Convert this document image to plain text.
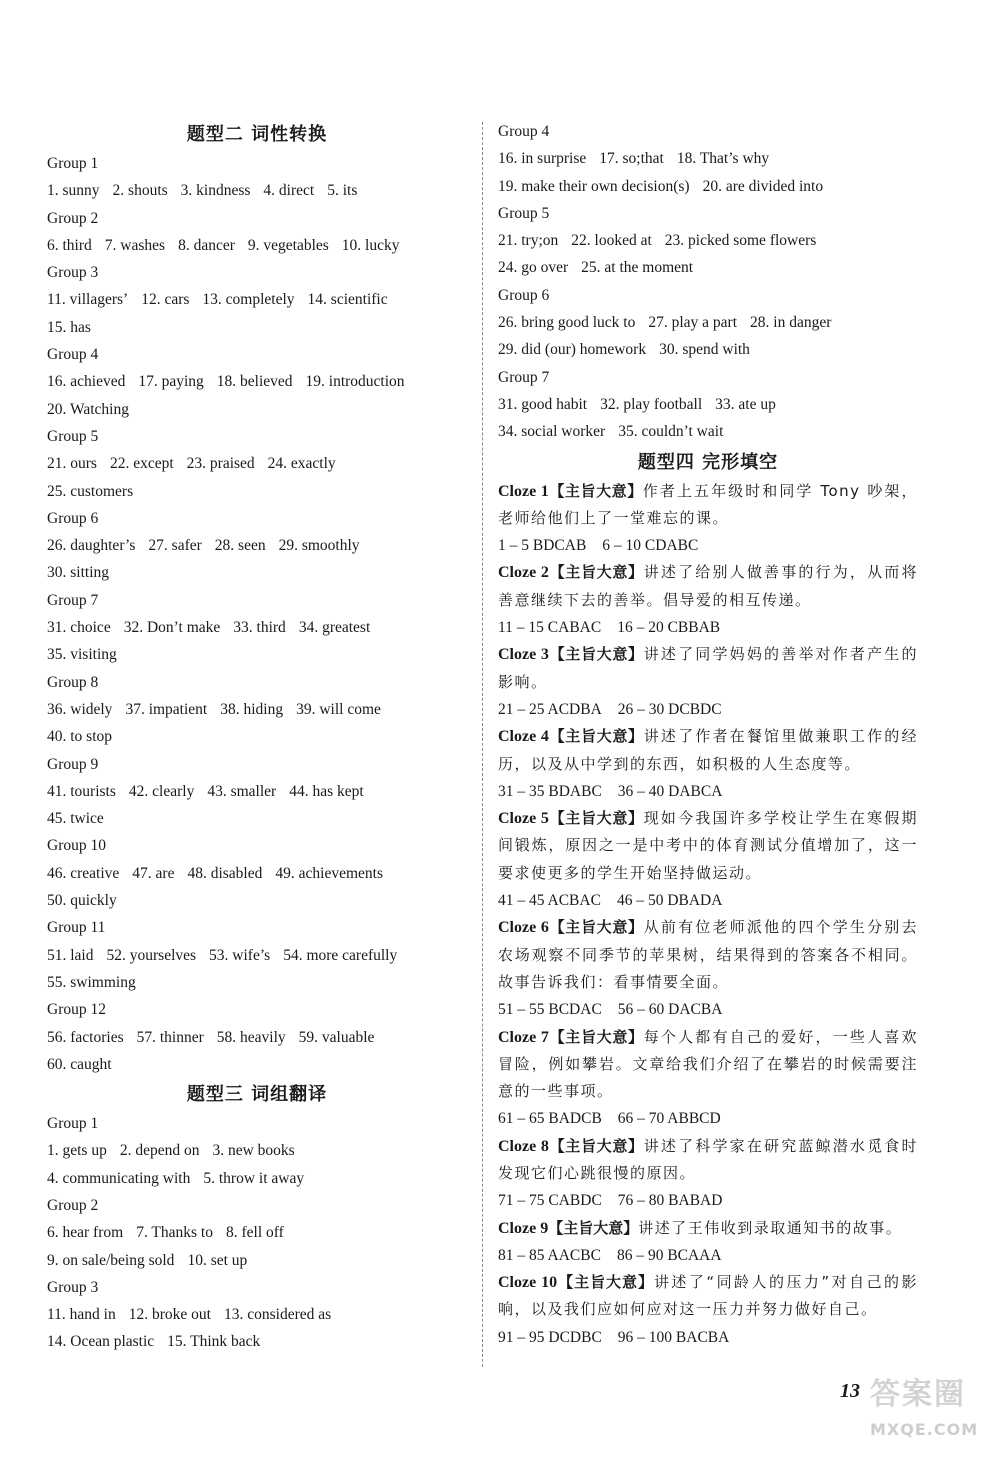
题型二 词性转换
Group 1
1. sunny 2. shouts 3. kindness 4. direct 5. its
Group 2
6. third 7. washes 8. dancer 9. vegetables 10. lucky
Group 3
11. villagers’ 12. cars 13. completely 14. scientific
15. has
Group 4
16. achieved 17. paying 18. believed 19. introduction
20. Watching
Group 5
21. ours 22. except 23. praised 24. exactly
25. customers
Group 6
26. daughter’s 27. safer 28. seen 29. smoothly
30. sitting
Group 7
31. choice 32. Don’t make 33. third 34. greatest
35. visiting
Group 8
36. widely 37. impatient 38. hiding 39. will come
40. to stop
Group 9
41. tourists 42. clearly 43. smaller 44. has kept
45. twice
Group 10
46. creative 47. are 48. disabled 49. achievements
50. quickly
Group 11
51. laid 52. yourselves 53. wife’s 54. more carefully
55. swimming
Group 12
56. factories 57. thinner 58. heavily 59. valuable
60. caught
题型三 词组翻译
Group 1
1. gets up 2. depend on 3. new books
4. communicating with 5. throw it away
Group 2
6. hear from 7. Thanks to 8. fell off
9. on sale/being sold 10. set up
Group 3
11. hand in 12. broke out 13. considered as
14. Ocean plastic 15. Think back
Group 4
16. in surprise 17. so;that 18. That’s why
19. make their own decision(s) 20. are divided into
Group 5
21. try;on 22. looked at 23. picked some flowers
24. go over 25. at the moment
Group 6
26. bring good luck to 27. play a part 28. in danger
29. did (our) homework 30. spend with
Group 7
31. good habit 32. play football 33. ate up
34. social worker 35. couldn’t wait
题型四 完形填空
Cloze 1【主旨大意】作者上五年级时和同学 Tony 吵架，老师给他们上了一堂难忘的课。
1 – 5 BDCAB 6 – 10 CDABC
Cloze 2【主旨大意】讲述了给别人做善事的行为，从而将善意继续下去的善举。倡导爱的相互传递。
11 – 15 CABAC 16 – 20 CBBAB
Cloze 3【主旨大意】讲述了同学妈妈的善举对作者产生的影响。
21 – 25 ACDBA 26 – 30 DCBDC
Cloze 4【主旨大意】讲述了作者在餐馆里做兼职工作的经历，以及从中学到的东西，如积极的人生态度等。
31 – 35 BDABC 36 – 40 DABCA
Cloze 5【主旨大意】现如今我国许多学校让学生在寒假期间锻炼，原因之一是中考中的体育测试分值增加了，这一要求使更多的学生开始坚持做运动。
41 – 45 ACBAC 46 – 50 DBADA
Cloze 6【主旨大意】从前有位老师派他的四个学生分别去农场观察不同季节的苹果树，结果得到的答案各不相同。故事告诉我们：看事情要全面。
51 – 55 BCDAC 56 – 60 DACBA
Cloze 7【主旨大意】每个人都有自己的爱好，一些人喜欢冒险，例如攀岩。文章给我们介绍了在攀岩的时候需要注意的一些事项。
61 – 65 BADCB 66 – 70 ABBCD
Cloze 8【主旨大意】讲述了科学家在研究蓝鲸潜水觅食时发现它们心跳很慢的原因。
71 – 75 CABDC 76 – 80 BABAD
Cloze 9【主旨大意】讲述了王伟收到录取通知书的故事。
81 – 85 AACBC 86 – 90 BCAAA
Cloze 10【主旨大意】讲述了“同龄人的压力”对自己的影响，以及我们应如何应对这一压力并努力做好自己。
91 – 95 DCDBC 96 – 100 BACBA
13 答案圈
MXQE.COM
